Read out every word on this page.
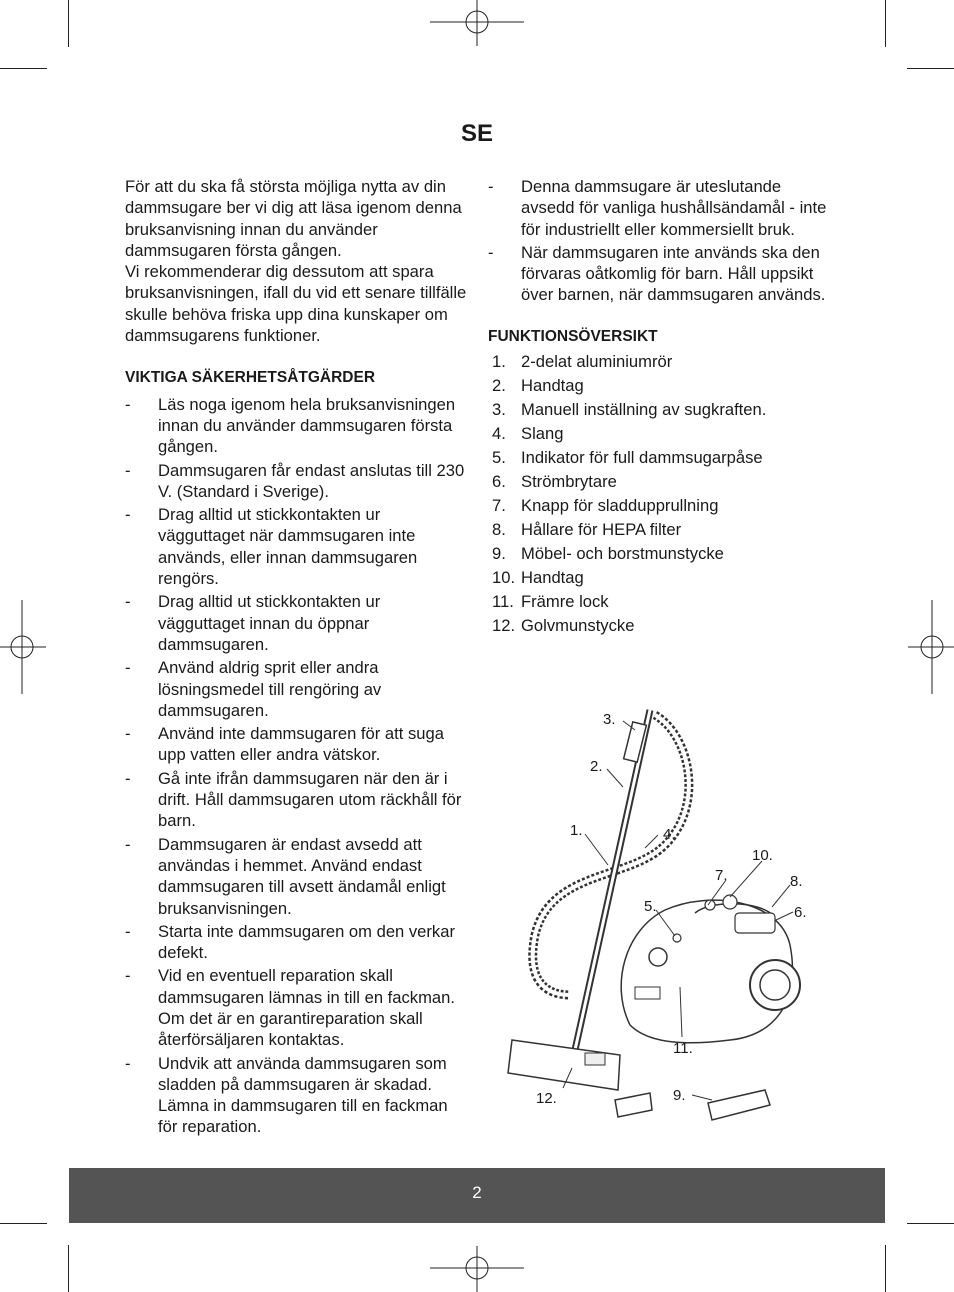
SE

För att du ska få största möjliga nytta av din dammsugare ber vi dig att läsa igenom denna bruksanvisning innan du använder dammsugaren första gången.

Vi rekommenderar dig dessutom att spara bruksanvisningen, ifall du vid ett senare tillfälle skulle behöva friska upp dina kunskaper om dammsugarens funktioner.

VIKTIGA SÄKERHETSÅTGÄRDER

- Läs noga igenom hela bruksanvisningen innan du använder dammsugaren första gången.
- Dammsugaren får endast anslutas till 230 V. (Standard i Sverige).
- Drag alltid ut stickkontakten ur vägguttaget när dammsugaren inte används, eller innan dammsugaren rengörs.
- Drag alltid ut stickkontakten ur vägguttaget innan du öppnar dammsugaren.
- Använd aldrig sprit eller andra lösningsmedel till rengöring av dammsugaren.
- Använd inte dammsugaren för att suga upp vatten eller andra vätskor.
- Gå inte ifrån dammsugaren när den är i drift. Håll dammsugaren utom räckhåll för barn.
- Dammsugaren är endast avsedd att användas i hemmet. Använd endast dammsugaren till avsett ändamål enligt bruksanvisningen.
- Starta inte dammsugaren om den verkar defekt.
- Vid en eventuell reparation skall dammsugaren lämnas in till en fackman. Om det är en garantireparation skall återförsäljaren kontaktas.
- Undvik att använda dammsugaren som sladden på dammsugaren är skadad. Lämna in dammsugaren till en fackman för reparation.
- Denna dammsugare är uteslutande avsedd för vanliga hushållsändamål - inte för industriellt eller kommersiellt bruk.
- När dammsugaren inte används ska den förvaras oåtkomlig för barn. Håll uppsikt över barnen, när dammsugaren används.

FUNKTIONSÖVERSIKT

1. 2-delat aluminiumrör
2. Handtag
3. Manuell inställning av sugkraften.
4. Slang
5. Indikator för full dammsugarpåse
6. Strömbrytare
7. Knapp för sladdupprullning
8. Hållare för HEPA filter
9. Möbel- och borstmunstycke
10. Handtag
11. Främre lock
12. Golvmunstycke
3.
2.
1.	4.
5.
7.
10.
8.
6.
11.
9.
12.
2
